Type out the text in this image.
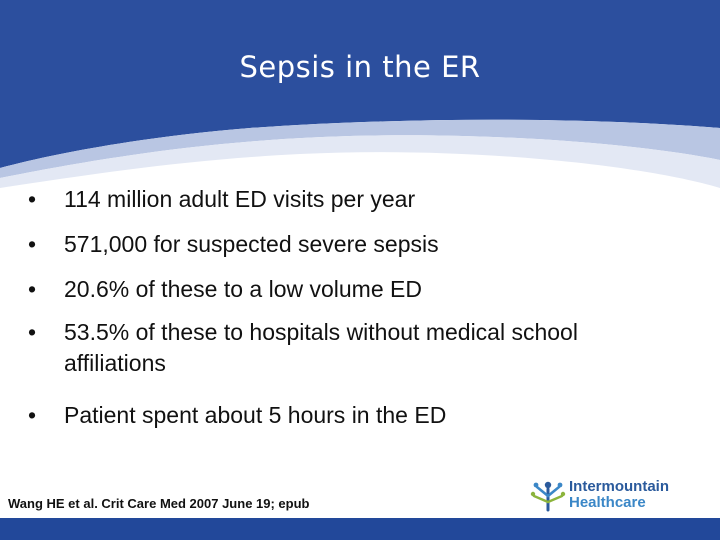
Sepsis in the ER
• 114 million adult ED visits per year
• 571,000 for suspected severe sepsis
• 20.6% of these to a low volume ED
• 53.5% of these to hospitals without medical school affiliations
• Patient spent about 5 hours in the ED
Wang HE et al. Crit Care Med 2007 June 19; epub
Intermountain
Healthcare
